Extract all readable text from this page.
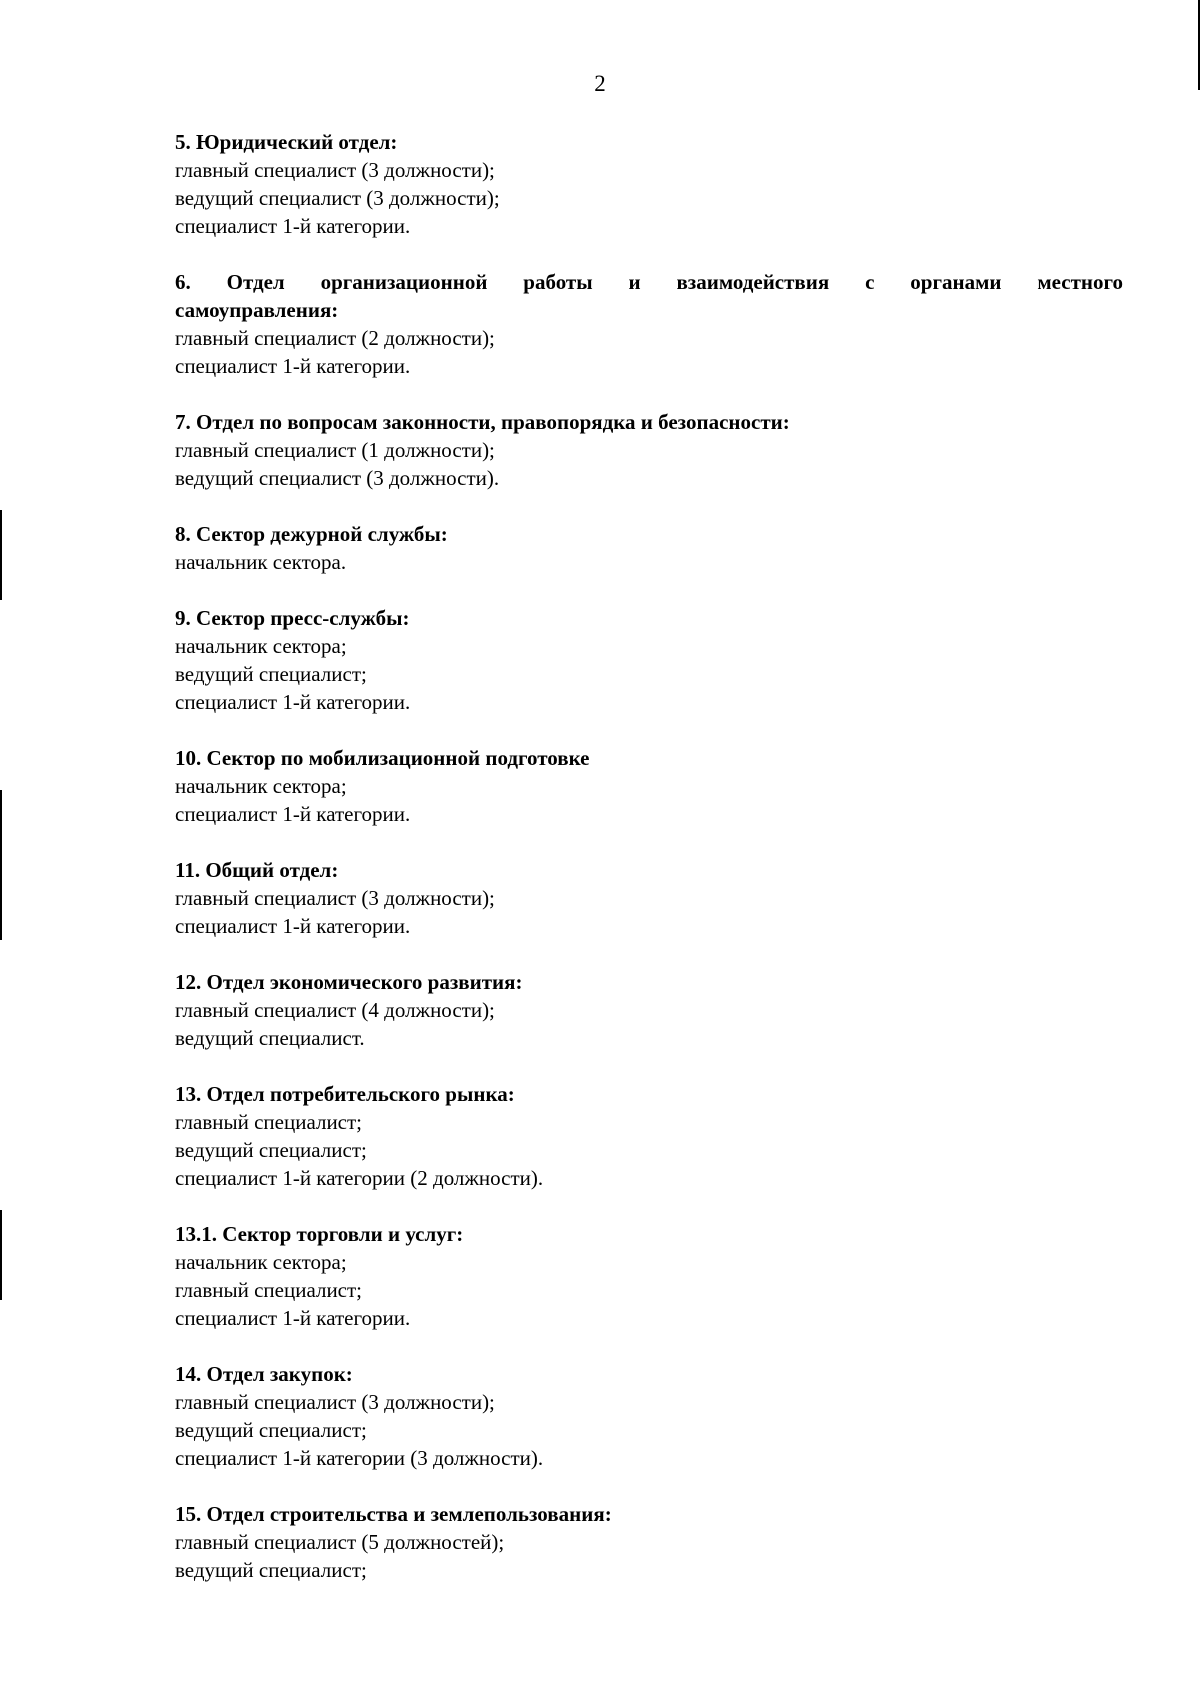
2

5. Юридический отдел:

главный специалист (3 должности);

ведущий специалист (3 должности);

специалист 1-й категории.

6. Отдел организационной работы и взаимодействия с органами местного
самоуправления:

главный специалист (2 должности);

специалист 1-й категории.

7. Отдел по вопросам законности, правопорядка и безопасности:

главный специалист (1 должности);

ведущий специалист (3 должности).

8. Сектор дежурной службы:

начальник сектора.

9. Сектор пресс-службы:

начальник сектора;

ведущий специалист;

специалист 1-й категории.

10. Сектор по мобилизационной подготовке

начальник сектора;

специалист 1-й категории.

11. Общий отдел:

главный специалист (3 должности);

специалист 1-й категории.

12. Отдел экономического развития:

главный специалист (4 должности);

ведущий специалист.

13. Отдел потребительского рынка:

главный специалист;

ведущий специалист;

специалист 1-й категории (2 должности).

13.1. Сектор торговли и услуг:

начальник сектора;

главный специалист;

специалист 1-й категории.

14. Отдел закупок:

главный специалист (3 должности);

ведущий специалист;

специалист 1-й категории (3 должности).

15. Отдел строительства и землепользования:

главный специалист (5 должностей);

ведущий специалист;
